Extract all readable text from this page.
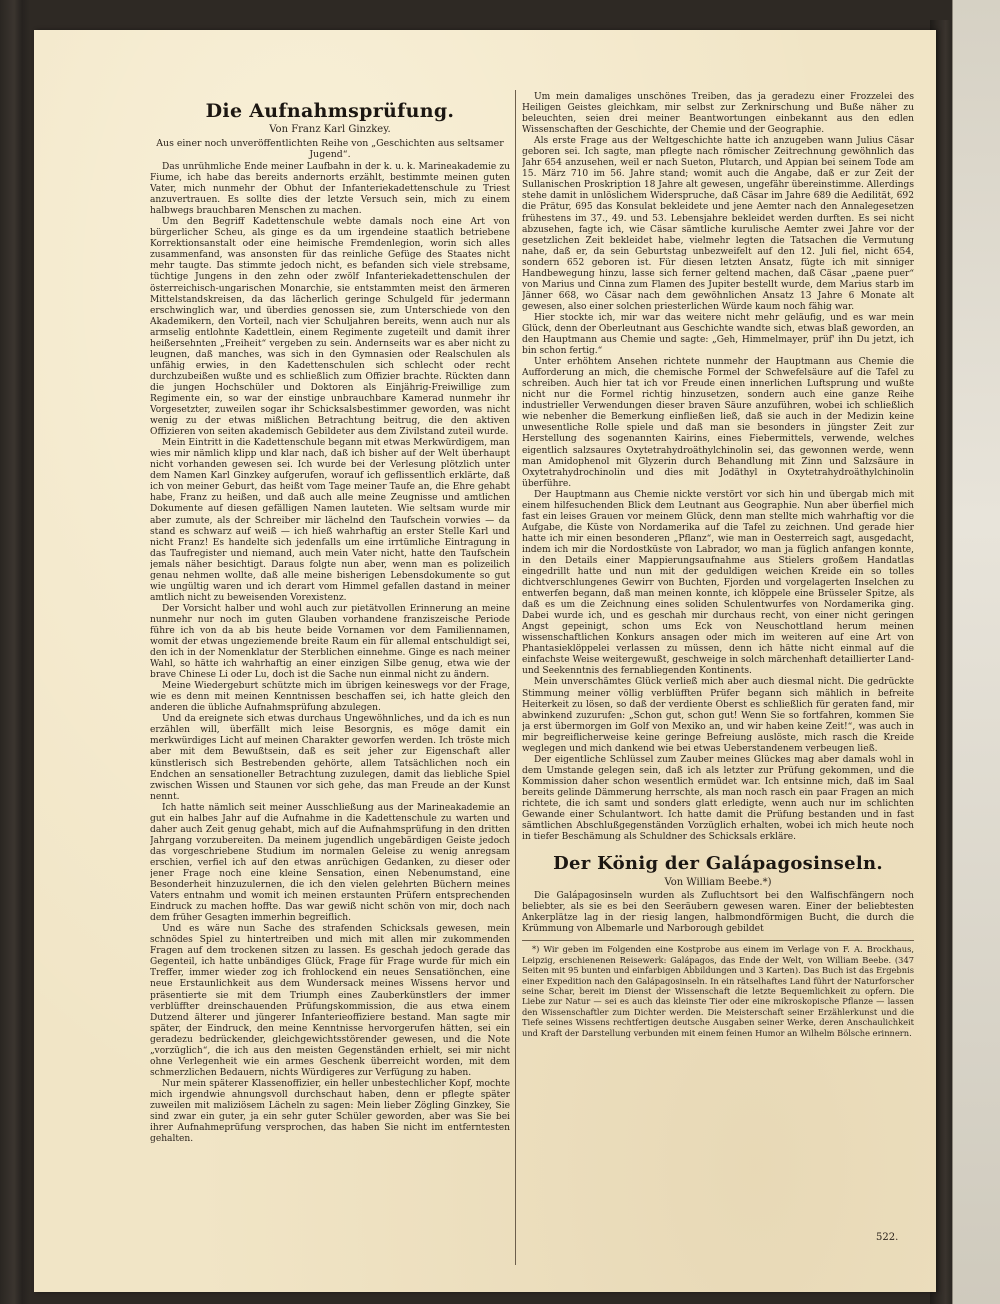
Die Aufnahmsprüfung.
Von Franz Karl Ginzkey.
Aus einer noch unveröffentlichten Reihe von „Geschichten aus seltsamer Jugend“.

Das unrühmliche Ende meiner Laufbahn in der k. u. k. Marineakademie zu Fiume, ich habe das bereits andernorts erzählt, bestimmte meinen guten Vater, mich nunmehr der Obhut der Infanteriekadettenschule zu Triest anzuvertrauen. Es sollte dies der letzte Versuch sein, mich zu einem halbwegs brauchbaren Menschen zu machen.

Um den Begriff Kadettenschule webte damals noch eine Art von bürgerlicher Scheu, als ginge es da um irgendeine staatlich betriebene Korrektionsanstalt oder eine heimische Fremdenlegion, worin sich alles zusammenfand, was ansonsten für das reinliche Gefüge des Staates nicht mehr taugte. Das stimmte jedoch nicht, es befanden sich viele strebsame, tüchtige Jungens in den zehn oder zwölf Infanteriekadettenschulen der österreichisch-ungarischen Monarchie, sie entstammten meist den ärmeren Mittelstandskreisen, da das lächerlich geringe Schulgeld für jedermann erschwinglich war, und überdies genossen sie, zum Unterschiede von den Akademikern, den Vorteil, nach vier Schuljahren bereits, wenn auch nur als armselig entlohnte Kadettlein, einem Regimente zugeteilt und damit ihrer heißersehnten „Freiheit“ vergeben zu sein. Andernseits war es aber nicht zu leugnen, daß manches, was sich in den Gymnasien oder Realschulen als unfähig erwies, in den Kadettenschulen sich schlecht oder recht durchzubeißen wußte und es schließlich zum Offizier brachte. Rückten dann die jungen Hochschüler und Doktoren als Einjährig-Freiwillige zum Regimente ein, so war der einstige unbrauchbare Kamerad nunmehr ihr Vorgesetzter, zuweilen sogar ihr Schicksalsbestimmer geworden, was nicht wenig zu der etwas mißlichen Betrachtung beitrug, die den aktiven Offizieren von seiten akademisch Gebildeter aus dem Zivilstand zuteil wurde.

Mein Eintritt in die Kadettenschule begann mit etwas Merkwürdigem, man wies mir nämlich klipp und klar nach, daß ich bisher auf der Welt überhaupt nicht vorhanden gewesen sei. Ich wurde bei der Verlesung plötzlich unter dem Namen Karl Ginzkey aufgerufen, worauf ich geflissentlich erklärte, daß ich von meiner Geburt, das heißt vom Tage meiner Taufe an, die Ehre gehabt habe, Franz zu heißen, und daß auch alle meine Zeugnisse und amtlichen Dokumente auf diesen gefälligen Namen lauteten. Wie seltsam wurde mir aber zumute, als der Schreiber mir lächelnd den Taufschein vorwies — da stand es schwarz auf weiß — ich hieß wahrhaftig an erster Stelle Karl und nicht Franz! Es handelte sich jedenfalls um eine irrtümliche Eintragung in das Taufregister und niemand, auch mein Vater nicht, hatte den Taufschein jemals näher besichtigt. Daraus folgte nun aber, wenn man es polizeilich genau nehmen wollte, daß alle meine bisherigen Lebensdokumente so gut wie ungültig waren und ich derart vom Himmel gefallen dastand in meiner amtlich nicht zu beweisenden Vorexistenz.

Der Vorsicht halber und wohl auch zur pietätvollen Erinnerung an meine nunmehr nur noch im guten Glauben vorhandene franziszeische Periode führe ich von da ab bis heute beide Vornamen vor dem Familiennamen, womit der etwas ungeziemende breite Raum ein für allemal entschuldigt sei, den ich in der Nomenklatur der Sterblichen einnehme. Ginge es nach meiner Wahl, so hätte ich wahrhaftig an einer einzigen Silbe genug, etwa wie der brave Chinese Li oder Lu, doch ist die Sache nun einmal nicht zu ändern.

Meine Wiedergeburt schützte mich im übrigen keineswegs vor der Frage, wie es denn mit meinen Kenntnissen beschaffen sei, ich hatte gleich den anderen die übliche Aufnahmsprüfung abzulegen.

Und da ereignete sich etwas durchaus Ungewöhnliches, und da ich es nun erzählen will, überfällt mich leise Besorgnis, es möge damit ein merkwürdiges Licht auf meinen Charakter geworfen werden. Ich tröste mich aber mit dem Bewußtsein, daß es seit jeher zur Eigenschaft aller künstlerisch sich Bestrebenden gehörte, allem Tatsächlichen noch ein Endchen an sensationeller Betrachtung zuzulegen, damit das liebliche Spiel zwischen Wissen und Staunen vor sich gehe, das man Freude an der Kunst nennt.

Ich hatte nämlich seit meiner Ausschließung aus der Marineakademie an gut ein halbes Jahr auf die Aufnahme in die Kadettenschule zu warten und daher auch Zeit genug gehabt, mich auf die Aufnahmsprüfung in den dritten Jahrgang vorzubereiten. Da meinem jugendlich ungebärdigen Geiste jedoch das vorgeschriebene Studium im normalen Geleise zu wenig anregsam erschien, verfiel ich auf den etwas anrüchigen Gedanken, zu dieser oder jener Frage noch eine kleine Sensation, einen Nebenumstand, eine Besonderheit hinzuzulernen, die ich den vielen gelehrten Büchern meines Vaters entnahm und womit ich meinen erstaunten Prüfern entsprechenden Eindruck zu machen hoffte. Das war gewiß nicht schön von mir, doch nach dem früher Gesagten immerhin begreiflich.

Und es wäre nun Sache des strafenden Schicksals gewesen, mein schnödes Spiel zu hintertreiben und mich mit allen mir zukommenden Fragen auf dem trockenen sitzen zu lassen. Es geschah jedoch gerade das Gegenteil, ich hatte unbändiges Glück, Frage für Frage wurde für mich ein Treffer, immer wieder zog ich frohlockend ein neues Sensatiönchen, eine neue Erstaunlichkeit aus dem Wundersack meines Wissens hervor und präsentierte sie mit dem Triumph eines Zauberkünstlers der immer verblüffter dreinschauenden Prüfungskommission, die aus etwa einem Dutzend älterer und jüngerer Infanterieoffiziere bestand. Man sagte mir später, der Eindruck, den meine Kenntnisse hervorgerufen hätten, sei ein geradezu bedrückender, gleichgewichtsstörender gewesen, und die Note „vorzüglich“, die ich aus den meisten Gegenständen erhielt, sei mir nicht ohne Verlegenheit wie ein armes Geschenk überreicht worden, mit dem schmerzlichen Bedauern, nichts Würdigeres zur Verfügung zu haben.

Nur mein späterer Klassenoffizier, ein heller unbestechlicher Kopf, mochte mich irgendwie ahnungsvoll durchschaut haben, denn er pflegte später zuweilen mit maliziösem Lächeln zu sagen: Mein lieber Zögling Ginzkey, Sie sind zwar ein guter, ja ein sehr guter Schüler geworden, aber was Sie bei ihrer Aufnahmeprüfung versprochen, das haben Sie nicht im entferntesten gehalten.

Um mein damaliges unschönes Treiben, das ja geradezu einer Frozzelei des Heiligen Geistes gleichkam, mir selbst zur Zerknirschung und Buße näher zu beleuchten, seien drei meiner Beantwortungen einbekannt aus den edlen Wissenschaften der Geschichte, der Chemie und der Geographie.

Als erste Frage aus der Weltgeschichte hatte ich anzugeben wann Julius Cäsar geboren sei. Ich sagte, man pflegte nach römischer Zeitrechnung gewöhnlich das Jahr 654 anzusehen, weil er nach Sueton, Plutarch, und Appian bei seinem Tode am 15. März 710 im 56. Jahre stand; womit auch die Angabe, daß er zur Zeit der Sullanischen Proskription 18 Jahre alt gewesen, ungefähr übereinstimme. Allerdings stehe damit in unlöslichem Widerspruche, daß Cäsar im Jahre 689 die Aedilität, 692 die Prätur, 695 das Konsulat bekleidete und jene Aemter nach den Annalegesetzen frühestens im 37., 49. und 53. Lebensjahre bekleidet werden durften. Es sei nicht abzusehen, fagte ich, wie Cäsar sämtliche kurulische Aemter zwei Jahre vor der gesetzlichen Zeit bekleidet habe, vielmehr legten die Tatsachen die Vermutung nahe, daß er, da sein Geburtstag unbezweifelt auf den 12. Juli fiel, nicht 654, sondern 652 geboren ist. Für diesen letzten Ansatz, fügte ich mit sinniger Handbewegung hinzu, lasse sich ferner geltend machen, daß Cäsar „paene puer“ von Marius und Cinna zum Flamen des Jupiter bestellt wurde, dem Marius starb im Jänner 668, wo Cäsar nach dem gewöhnlichen Ansatz 13 Jahre 6 Monate alt gewesen, also einer solchen priesterlichen Würde kaum noch fähig war.

Hier stockte ich, mir war das weitere nicht mehr geläufig, und es war mein Glück, denn der Oberleutnant aus Geschichte wandte sich, etwas blaß geworden, an den Hauptmann aus Chemie und sagte: „Geh, Himmelmayer, prüf' ihn Du jetzt, ich bin schon fertig.“

Unter erhöhtem Ansehen richtete nunmehr der Hauptmann aus Chemie die Aufforderung an mich, die chemische Formel der Schwefelsäure auf die Tafel zu schreiben. Auch hier tat ich vor Freude einen innerlichen Luftsprung und wußte nicht nur die Formel richtig hinzusetzen, sondern auch eine ganze Reihe industrieller Verwendungen dieser braven Säure anzuführen, wobei ich schließlich wie nebenher die Bemerkung einfließen ließ, daß sie auch in der Medizin keine unwesentliche Rolle spiele und daß man sie besonders in jüngster Zeit zur Herstellung des sogenannten Kairins, eines Fiebermittels, verwende, welches eigentlich salzsaures Oxytetrahydroäthylchinolin sei, das gewonnen werde, wenn man Amidophenol mit Glyzerin durch Behandlung mit Zinn und Salzsäure in Oxytetrahydrochinolin und dies mit Jodäthyl in Oxytetrahydroäthylchinolin überführe.

Der Hauptmann aus Chemie nickte verstört vor sich hin und übergab mich mit einem hilfesuchenden Blick dem Leutnant aus Geographie. Nun aber überfiel mich fast ein leises Grauen vor meinem Glück, denn man stellte mich wahrhaftig vor die Aufgabe, die Küste von Nordamerika auf die Tafel zu zeichnen. Und gerade hier hatte ich mir einen besonderen „Pflanz“, wie man in Oesterreich sagt, ausgedacht, indem ich mir die Nordostküste von Labrador, wo man ja füglich anfangen konnte, in den Details einer Mappierungsaufnahme aus Stielers großem Handatlas eingedrillt hatte und nun mit der geduldigen weichen Kreide ein so tolles dichtverschlungenes Gewirr von Buchten, Fjorden und vorgelagerten Inselchen zu entwerfen begann, daß man meinen konnte, ich klöppele eine Brüsseler Spitze, als daß es um die Zeichnung eines soliden Schulentwurfes von Nordamerika ging. Dabei wurde ich, und es geschah mir durchaus recht, von einer nicht geringen Angst gepeinigt, schon ums Eck von Neuschottland herum meinen wissenschaftlichen Konkurs ansagen oder mich im weiteren auf eine Art von Phantasieklöppelei verlassen zu müssen, denn ich hätte nicht einmal auf die einfachste Weise weitergewußt, geschweige in solch märchenhaft detaillierter Land- und Seekenntnis des fernabliegenden Kontinents.

Mein unverschämtes Glück verließ mich aber auch diesmal nicht. Die gedrückte Stimmung meiner völlig verblüfften Prüfer begann sich mählich in befreite Heiterkeit zu lösen, so daß der verdiente Oberst es schließlich für geraten fand, mir abwinkend zuzurufen: „Schon gut, schon gut! Wenn Sie so fortfahren, kommen Sie ja erst übermorgen im Golf von Mexiko an, und wir haben keine Zeit!“, was auch in mir begreiflicherweise keine geringe Befreiung auslöste, mich rasch die Kreide weglegen und mich dankend wie bei etwas Ueberstandenem verbeugen ließ.

Der eigentliche Schlüssel zum Zauber meines Glückes mag aber damals wohl in dem Umstande gelegen sein, daß ich als letzter zur Prüfung gekommen, und die Kommission daher schon wesentlich ermüdet war. Ich entsinne mich, daß im Saal bereits gelinde Dämmerung herrschte, als man noch rasch ein paar Fragen an mich richtete, die ich samt und sonders glatt erledigte, wenn auch nur im schlichten Gewande einer Schulantwort. Ich hatte damit die Prüfung bestanden und in fast sämtlichen Abschlußgegenständen Vorzüglich erhalten, wobei ich mich heute noch in tiefer Beschämung als Schuldner des Schicksals erkläre.

Der König der Galápagosinseln.
Von William Beebe.*)

Die Galápagosinseln wurden als Zufluchtsort bei den Walfischfängern noch beliebter, als sie es bei den Seeräubern gewesen waren. Einer der beliebtesten Ankerplätze lag in der riesig langen, halbmondförmigen Bucht, die durch die Krümmung von Albemarle und Narborough gebildet

*) Wir geben im Folgenden eine Kostprobe aus einem im Verlage von F. A. Brockhaus, Leipzig, erschienenen Reisewerk: Galápagos, das Ende der Welt, von William Beebe. (347 Seiten mit 95 bunten und einfarbigen Abbildungen und 3 Karten). Das Buch ist das Ergebnis einer Expedition nach den Galápagosinseln. In ein rätselhaftes Land führt der Naturforscher seine Schar, bereit im Dienst der Wissenschaft die letzte Bequemlichkeit zu opfern. Die Liebe zur Natur — sei es auch das kleinste Tier oder eine mikroskopische Pflanze — lassen den Wissenschaftler zum Dichter werden. Die Meisterschaft seiner Erzählerkunst und die Tiefe seines Wissens rechtfertigen deutsche Ausgaben seiner Werke, deren Anschaulichkeit und Kraft der Darstellung verbunden mit einem feinen Humor an Wilhelm Bölsche erinnern.

522.
